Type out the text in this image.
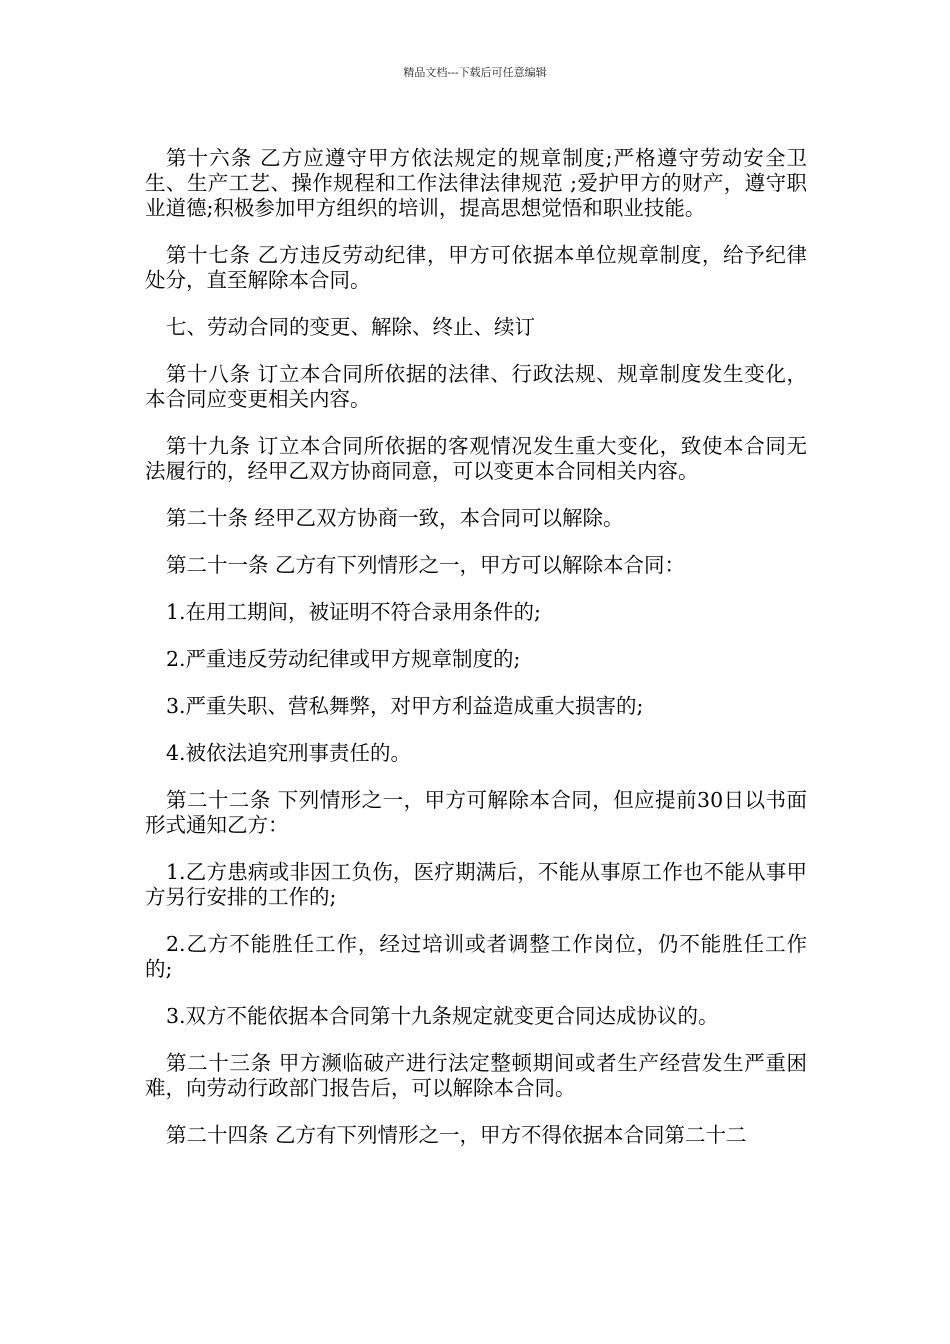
精品文档---下载后可任意编辑

第十六条 乙方应遵守甲方依法规定的规章制度;严格遵守劳动安全卫生、生产工艺、操作规程和工作法律法律规范 ;爱护甲方的财产，遵守职业道德;积极参加甲方组织的培训，提高思想觉悟和职业技能。

第十七条 乙方违反劳动纪律，甲方可依据本单位规章制度，给予纪律处分，直至解除本合同。

七、劳动合同的变更、解除、终止、续订

第十八条 订立本合同所依据的法律、行政法规、规章制度发生变化，本合同应变更相关内容。

第十九条 订立本合同所依据的客观情况发生重大变化，致使本合同无法履行的，经甲乙双方协商同意，可以变更本合同相关内容。

第二十条 经甲乙双方协商一致，本合同可以解除。

第二十一条 乙方有下列情形之一，甲方可以解除本合同：

1.在用工期间，被证明不符合录用条件的;

2.严重违反劳动纪律或甲方规章制度的;

3.严重失职、营私舞弊，对甲方利益造成重大损害的;

4.被依法追究刑事责任的。

第二十二条 下列情形之一，甲方可解除本合同，但应提前30日以书面形式通知乙方：

1.乙方患病或非因工负伤，医疗期满后，不能从事原工作也不能从事甲方另行安排的工作的;

2.乙方不能胜任工作，经过培训或者调整工作岗位，仍不能胜任工作的;

3.双方不能依据本合同第十九条规定就变更合同达成协议的。

第二十三条 甲方濒临破产进行法定整顿期间或者生产经营发生严重困难，向劳动行政部门报告后，可以解除本合同。

第二十四条 乙方有下列情形之一，甲方不得依据本合同第二十二
